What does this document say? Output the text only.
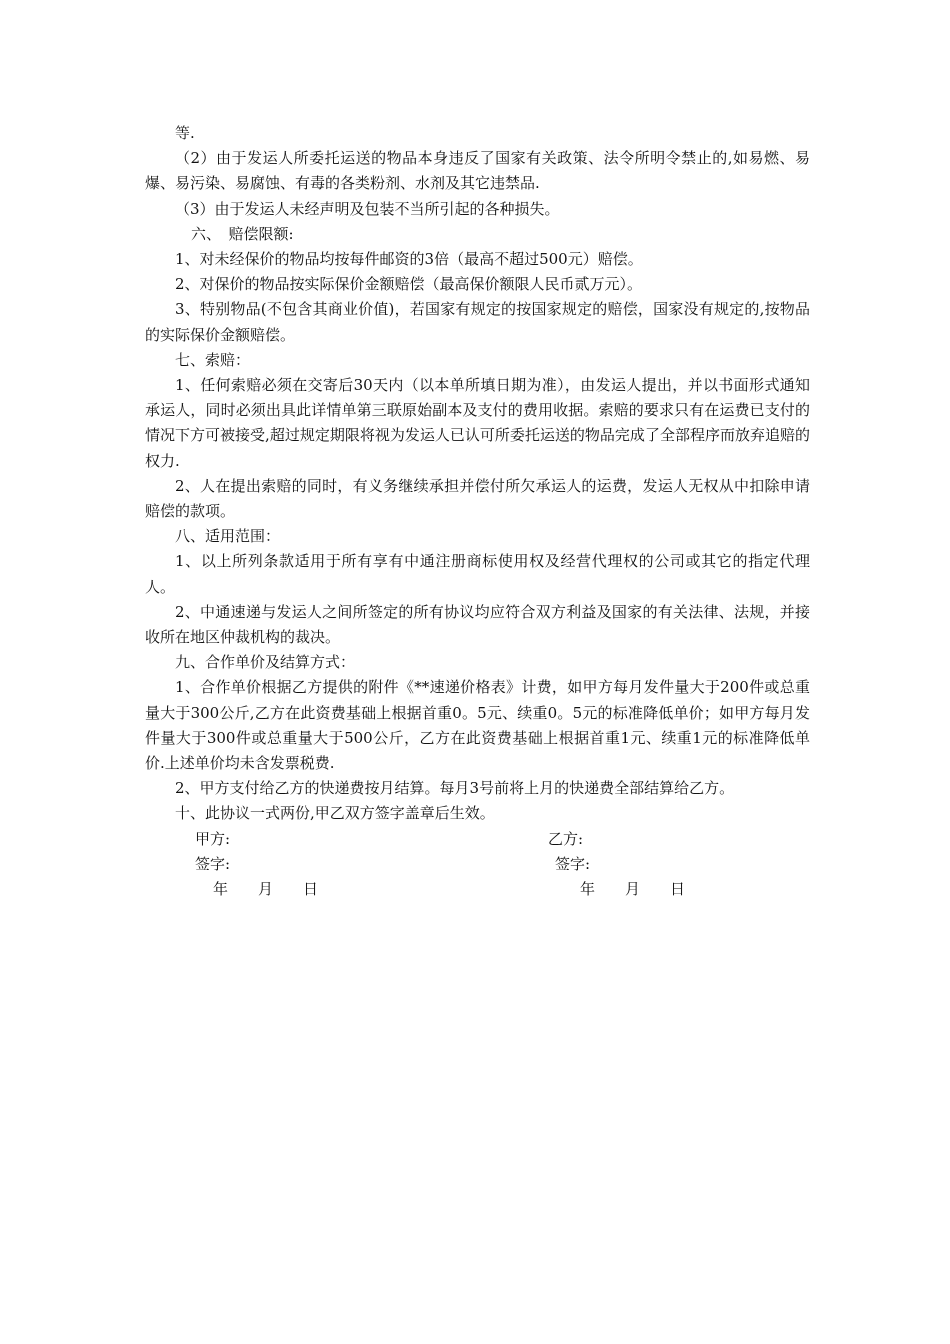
等.

（2）由于发运人所委托运送的物品本身违反了国家有关政策、法令所明令禁止的,如易燃、易爆、易污染、易腐蚀、有毒的各类粉剂、水剂及其它违禁品.

（3）由于发运人未经声明及包装不当所引起的各种损失。

六、　赔偿限额:

1、对未经保价的物品均按每件邮资的3倍（最高不超过500元）赔偿。

2、对保价的物品按实际保价金额赔偿（最高保价额限人民币贰万元）。

3、特别物品(不包含其商业价值)，若国家有规定的按国家规定的赔偿，国家没有规定的,按物品的实际保价金额赔偿。

七、索赔：

1、任何索赔必须在交寄后30天内（以本单所填日期为准），由发运人提出，并以书面形式通知承运人，同时必须出具此详情单第三联原始副本及支付的费用收据。索赔的要求只有在运费已支付的情况下方可被接受,超过规定期限将视为发运人已认可所委托运送的物品完成了全部程序而放弃追赔的权力.

2、人在提出索赔的同时，有义务继续承担并偿付所欠承运人的运费，发运人无权从中扣除申请赔偿的款项。

八、适用范围：

1、以上所列条款适用于所有享有中通注册商标使用权及经营代理权的公司或其它的指定代理人。

2、中通速递与发运人之间所签定的所有协议均应符合双方利益及国家的有关法律、法规，并接收所在地区仲裁机构的裁决。

九、合作单价及结算方式：

1、合作单价根据乙方提供的附件《**速递价格表》计费，如甲方每月发件量大于200件或总重量大于300公斤,乙方在此资费基础上根据首重0。5元、续重0。5元的标准降低单价；如甲方每月发件量大于300件或总重量大于500公斤，乙方在此资费基础上根据首重1元、续重1元的标准降低单价.上述单价均未含发票税费.

2、甲方支付给乙方的快递费按月结算。每月3号前将上月的快递费全部结算给乙方。

十、此协议一式两份,甲乙双方签字盖章后生效。

甲方:	乙方:
签字:	签字:
年　　月　　日	年　　月　　日
